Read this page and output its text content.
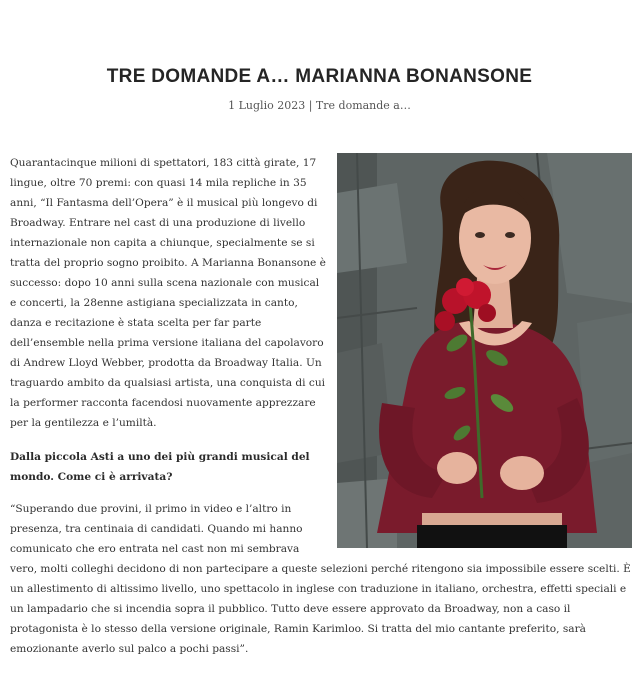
TRE DOMANDE A… MARIANNA BONANSONE
1 Luglio 2023 | Tre domande a…

Quarantacinque milioni di spettatori, 183 città girate, 17 lingue, oltre 70 premi: con quasi 14 mila repliche in 35 anni, “Il Fantasma dell’Opera” è il musical più longevo di Broadway. Entrare nel cast di una produzione di livello internazionale non capita a chiunque, specialmente se si tratta del proprio sogno proibito. A Marianna Bonansone è successo: dopo 10 anni sulla scena nazionale con musical e concerti, la 28enne astigiana specializzata in canto, danza e recitazione è stata scelta per far parte dell’ensemble nella prima versione italiana del capolavoro di Andrew Lloyd Webber, prodotta da Broadway Italia. Un traguardo ambito da qualsiasi artista, una conquista di cui la performer racconta facendosi nuovamente apprezzare per la gentilezza e l’umiltà.

Dalla piccola Asti a uno dei più grandi musical del mondo. Come ci è arrivata?

“Superando due provini, il primo in video e l’altro in presenza, tra centinaia di candidati. Quando mi hanno comunicato che ero entrata nel cast non mi sembrava vero, molti colleghi decidono di non partecipare a queste selezioni perché ritengono sia impossibile essere scelti. È un allestimento di altissimo livello, uno spettacolo in inglese con traduzione in italiano, orchestra, effetti speciali e un lampadario che si incendia sopra il pubblico. Tutto deve essere approvato da Broadway, non a caso il protagonista è lo stesso della versione originale, Ramin Karimloo. Si tratta del mio cantante preferito, sarà emozionante averlo sul palco a pochi passi”.
